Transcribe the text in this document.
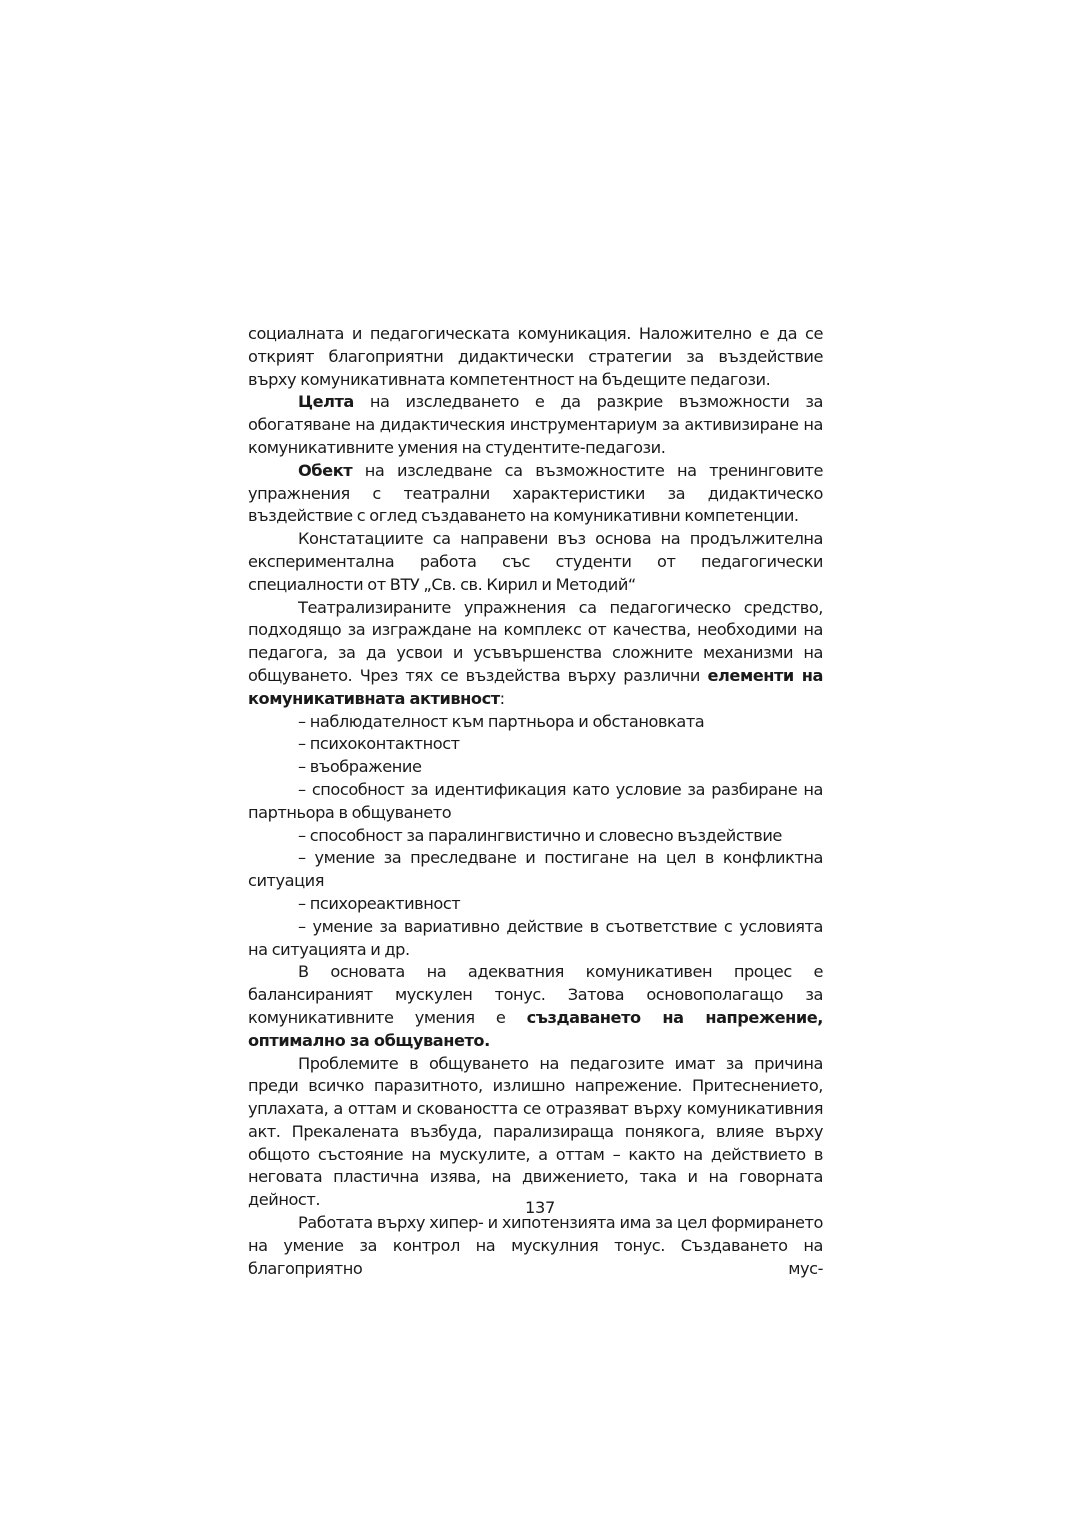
социалната и педагогическата комуникация. Наложително е да се открият благоприятни дидактически стратегии за въздействие върху комуникативната компетентност на бъдещите педагози.

Целта на изследването е да разкрие възможности за обогатяване на дидактическия инструментариум за активизиране на комуникативните умения на студентите-педагози.

Обект на изследване са възможностите на тренинговите упражнения с театрални характеристики за дидактическо въздействие с оглед създаването на комуникативни компетенции.

Констатациите са направени въз основа на продължителна експериментална работа със студенти от педагогически специалности от ВТУ „Св. св. Кирил и Методий“

Театрализираните упражнения са педагогическо средство, подходящо за изграждане на комплекс от качества, необходими на педагога, за да усвои и усъвършенства сложните механизми на общуването. Чрез тях се въздейства върху различни елементи на комуникативната активност:

– наблюдателност към партньора и обстановката

– психоконтактност

– въображение

– способност за идентификация като условие за разбиране на партньора в общуването

– способност за паралингвистично и словесно въздействие

– умение за преследване и постигане на цел в конфликтна ситуация

– психореактивност

– умение за вариативно действие в съответствие с условията на ситуацията и др.

В основата на адекватния комуникативен процес е балансираният мускулен тонус. Затова основополагащо за комуникативните умения е създаването на напрежение, оптимално за общуването.

Проблемите в общуването на педагозите имат за причина преди всичко паразитното, излишно напрежение. Притеснението, уплахата, а оттам и сковаността се отразяват върху комуникативния акт. Прекалената възбуда, парализираща понякога, влияе върху общото състояние на мускулите, а оттам – както на действието в неговата пластична изява, на движението, така и на говорната дейност.

Работата върху хипер- и хипотензията има за цел формирането на умение за контрол на мускулния тонус. Създаването на благоприятно мус-

137
